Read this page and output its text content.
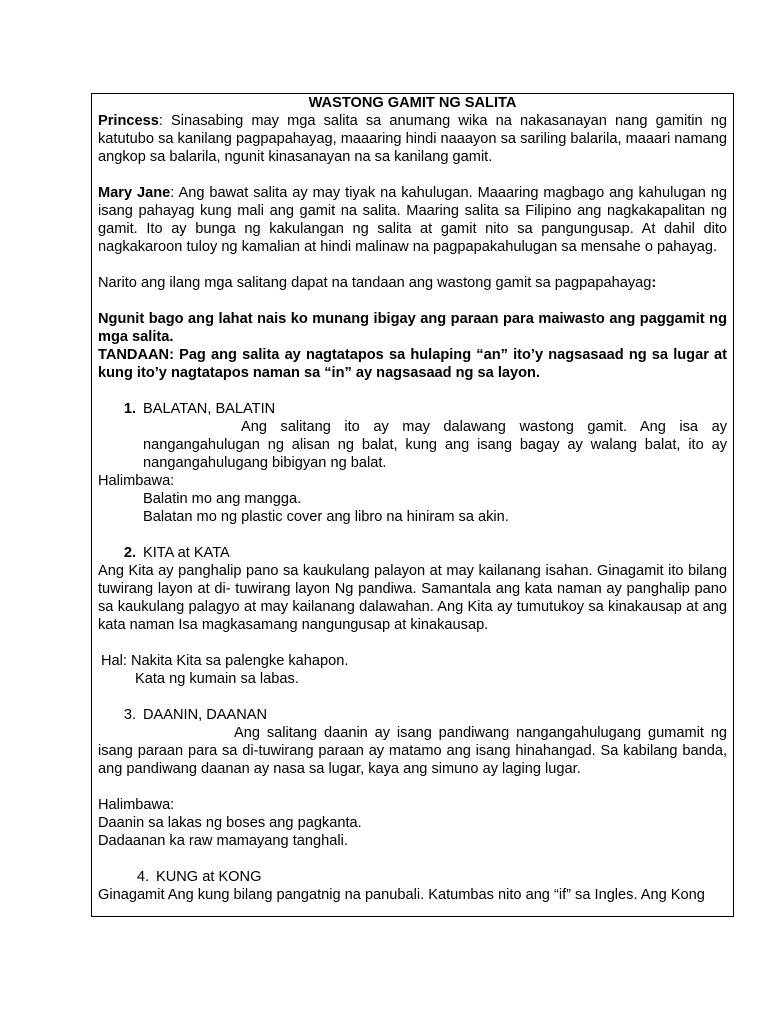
WASTONG GAMIT NG SALITA
Princess: Sinasabing may mga salita sa anumang wika na nakasanayan nang gamitin ng katutubo sa kanilang pagpapahayag, maaaring hindi naaayon sa sariling balarila, maaari namang angkop sa balarila, ngunit kinasanayan na sa kanilang gamit.
Mary Jane: Ang bawat salita ay may tiyak na kahulugan. Maaaring magbago ang kahulugan ng isang pahayag kung mali ang gamit na salita. Maaring salita sa Filipino ang nagkakapalitan ng gamit. Ito ay bunga ng kakulangan ng salita at gamit nito sa pangungusap. At dahil dito nagkakaroon tuloy ng kamalian at hindi malinaw na pagpapakahulugan sa mensahe o pahayag.
Narito ang ilang mga salitang dapat na tandaan ang wastong gamit sa pagpapahayag:
Ngunit bago ang lahat nais ko munang ibigay ang paraan para maiwasto ang paggamit ng mga salita.
TANDAAN: Pag ang salita ay nagtatapos sa hulaping “an” ito’y nagsasaad ng sa lugar at kung ito’y nagtatapos naman sa “in” ay nagsasaad ng sa layon.
1. BALATAN, BALATIN
Ang salitang ito ay may dalawang wastong gamit. Ang isa ay nangangahulugan ng alisan ng balat, kung ang isang bagay ay walang balat, ito ay nangangahulugang bibigyan ng balat.
Halimbawa:
Balatin mo ang mangga.
Balatan mo ng plastic cover ang libro na hiniram sa akin.
2. KITA at KATA
Ang Kita ay panghalip pano sa kaukulang palayon at may kailanang isahan. Ginagamit ito bilang tuwirang layon at di- tuwirang layon Ng pandiwa. Samantala ang kata naman ay panghalip pano sa kaukulang palagyo at may kailanang dalawahan. Ang Kita ay tumutukoy sa kinakausap at ang kata naman Isa magkasamang nangungusap at kinakausap.
Hal: Nakita Kita sa palengke kahapon.
Kata ng kumain sa labas.
3. DAANIN, DAANAN
Ang salitang daanin ay isang pandiwang nangangahulugang gumamit ng isang paraan para sa di-tuwirang paraan ay matamo ang isang hinahangad. Sa kabilang banda, ang pandiwang daanan ay nasa sa lugar, kaya ang simuno ay laging lugar.
Halimbawa:
Daanin sa lakas ng boses ang pagkanta.
Dadaanan ka raw mamayang tanghali.
4. KUNG at KONG
Ginagamit Ang kung bilang pangatnig na panubali. Katumbas nito ang “if” sa Ingles. Ang Kong
